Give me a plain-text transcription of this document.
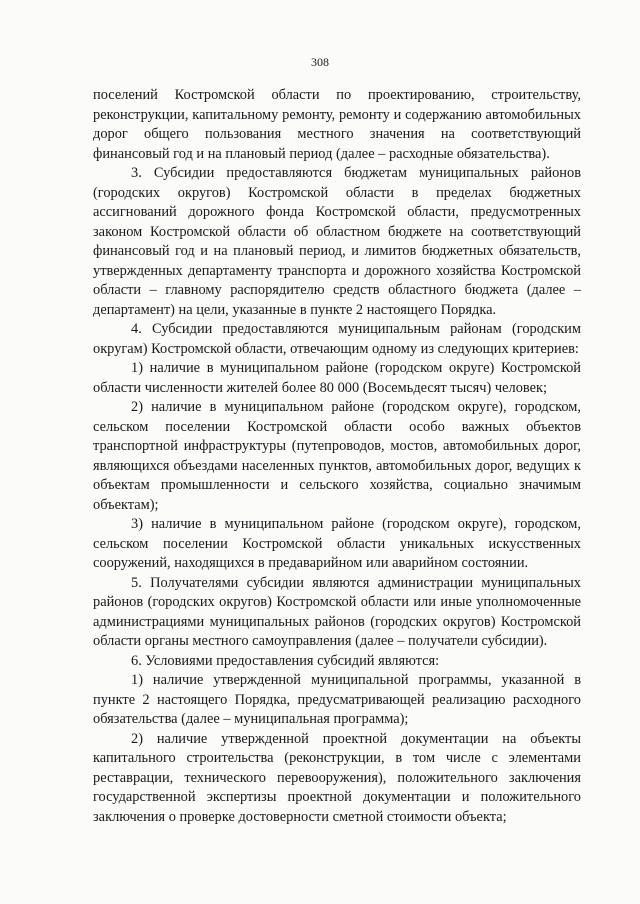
308

поселений Костромской области по проектированию, строительству, реконструкции, капитальному ремонту, ремонту и содержанию автомобильных дорог общего пользования местного значения на соответствующий финансовый год и на плановый период (далее – расходные обязательства).

3. Субсидии предоставляются бюджетам муниципальных районов (городских округов) Костромской области в пределах бюджетных ассигнований дорожного фонда Костромской области, предусмотренных законом Костромской области об областном бюджете на соответствующий финансовый год и на плановый период, и лимитов бюджетных обязательств, утвержденных департаменту транспорта и дорожного хозяйства Костромской области – главному распорядителю средств областного бюджета (далее – департамент) на цели, указанные в пункте 2 настоящего Порядка.

4. Субсидии предоставляются муниципальным районам (городским округам) Костромской области, отвечающим одному из следующих критериев:

1) наличие в муниципальном районе (городском округе) Костромской области численности жителей более 80 000 (Восемьдесят тысяч) человек;

2) наличие в муниципальном районе (городском округе), городском, сельском поселении Костромской области особо важных объектов транспортной инфраструктуры (путепроводов, мостов, автомобильных дорог, являющихся объездами населенных пунктов, автомобильных дорог, ведущих к объектам промышленности и сельского хозяйства, социально значимым объектам);

3) наличие в муниципальном районе (городском округе), городском, сельском поселении Костромской области уникальных искусственных сооружений, находящихся в предаварийном или аварийном состоянии.

5. Получателями субсидии являются администрации муниципальных районов (городских округов) Костромской области или иные уполномоченные администрациями муниципальных районов (городских округов) Костромской области органы местного самоуправления (далее – получатели субсидии).

6. Условиями предоставления субсидий являются:

1) наличие утвержденной муниципальной программы, указанной в пункте 2 настоящего Порядка, предусматривающей реализацию расходного обязательства (далее – муниципальная программа);

2) наличие утвержденной проектной документации на объекты капитального строительства (реконструкции, в том числе с элементами реставрации, технического перевооружения), положительного заключения государственной экспертизы проектной документации и положительного заключения о проверке достоверности сметной стоимости объекта;
